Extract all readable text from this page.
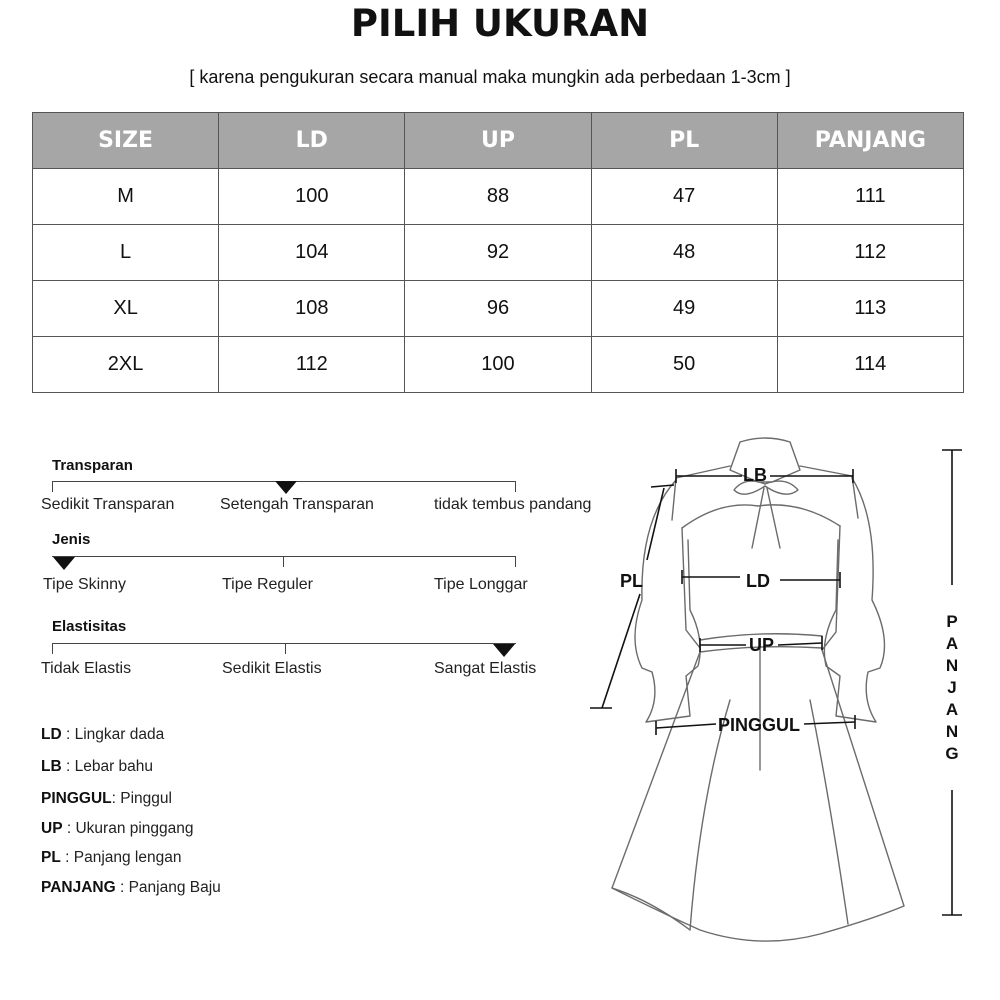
PILIH UKURAN
[ karena pengukuran secara manual maka mungkin ada perbedaan 1-3cm ]
SIZE	LD	UP	PL	PANJANG
M	100	88	47	111
L	104	92	48	112
XL	108	96	49	113
2XL	112	100	50	114
Transparan
Sedikit Transparan	Setengah Transparan	tidak tembus pandang
Jenis
Tipe Skinny	Tipe Reguler	Tipe Longgar
Elastisitas
Tidak Elastis	Sedikit Elastis	Sangat Elastis
LD : Lingkar dada
LB : Lebar bahu
PINGGUL: Pinggul
UP : Ukuran pinggang
PL : Panjang lengan
PANJANG : Panjang Baju
LB
LD
UP
PINGGUL
PL
P
A
N
J
A
N
G
